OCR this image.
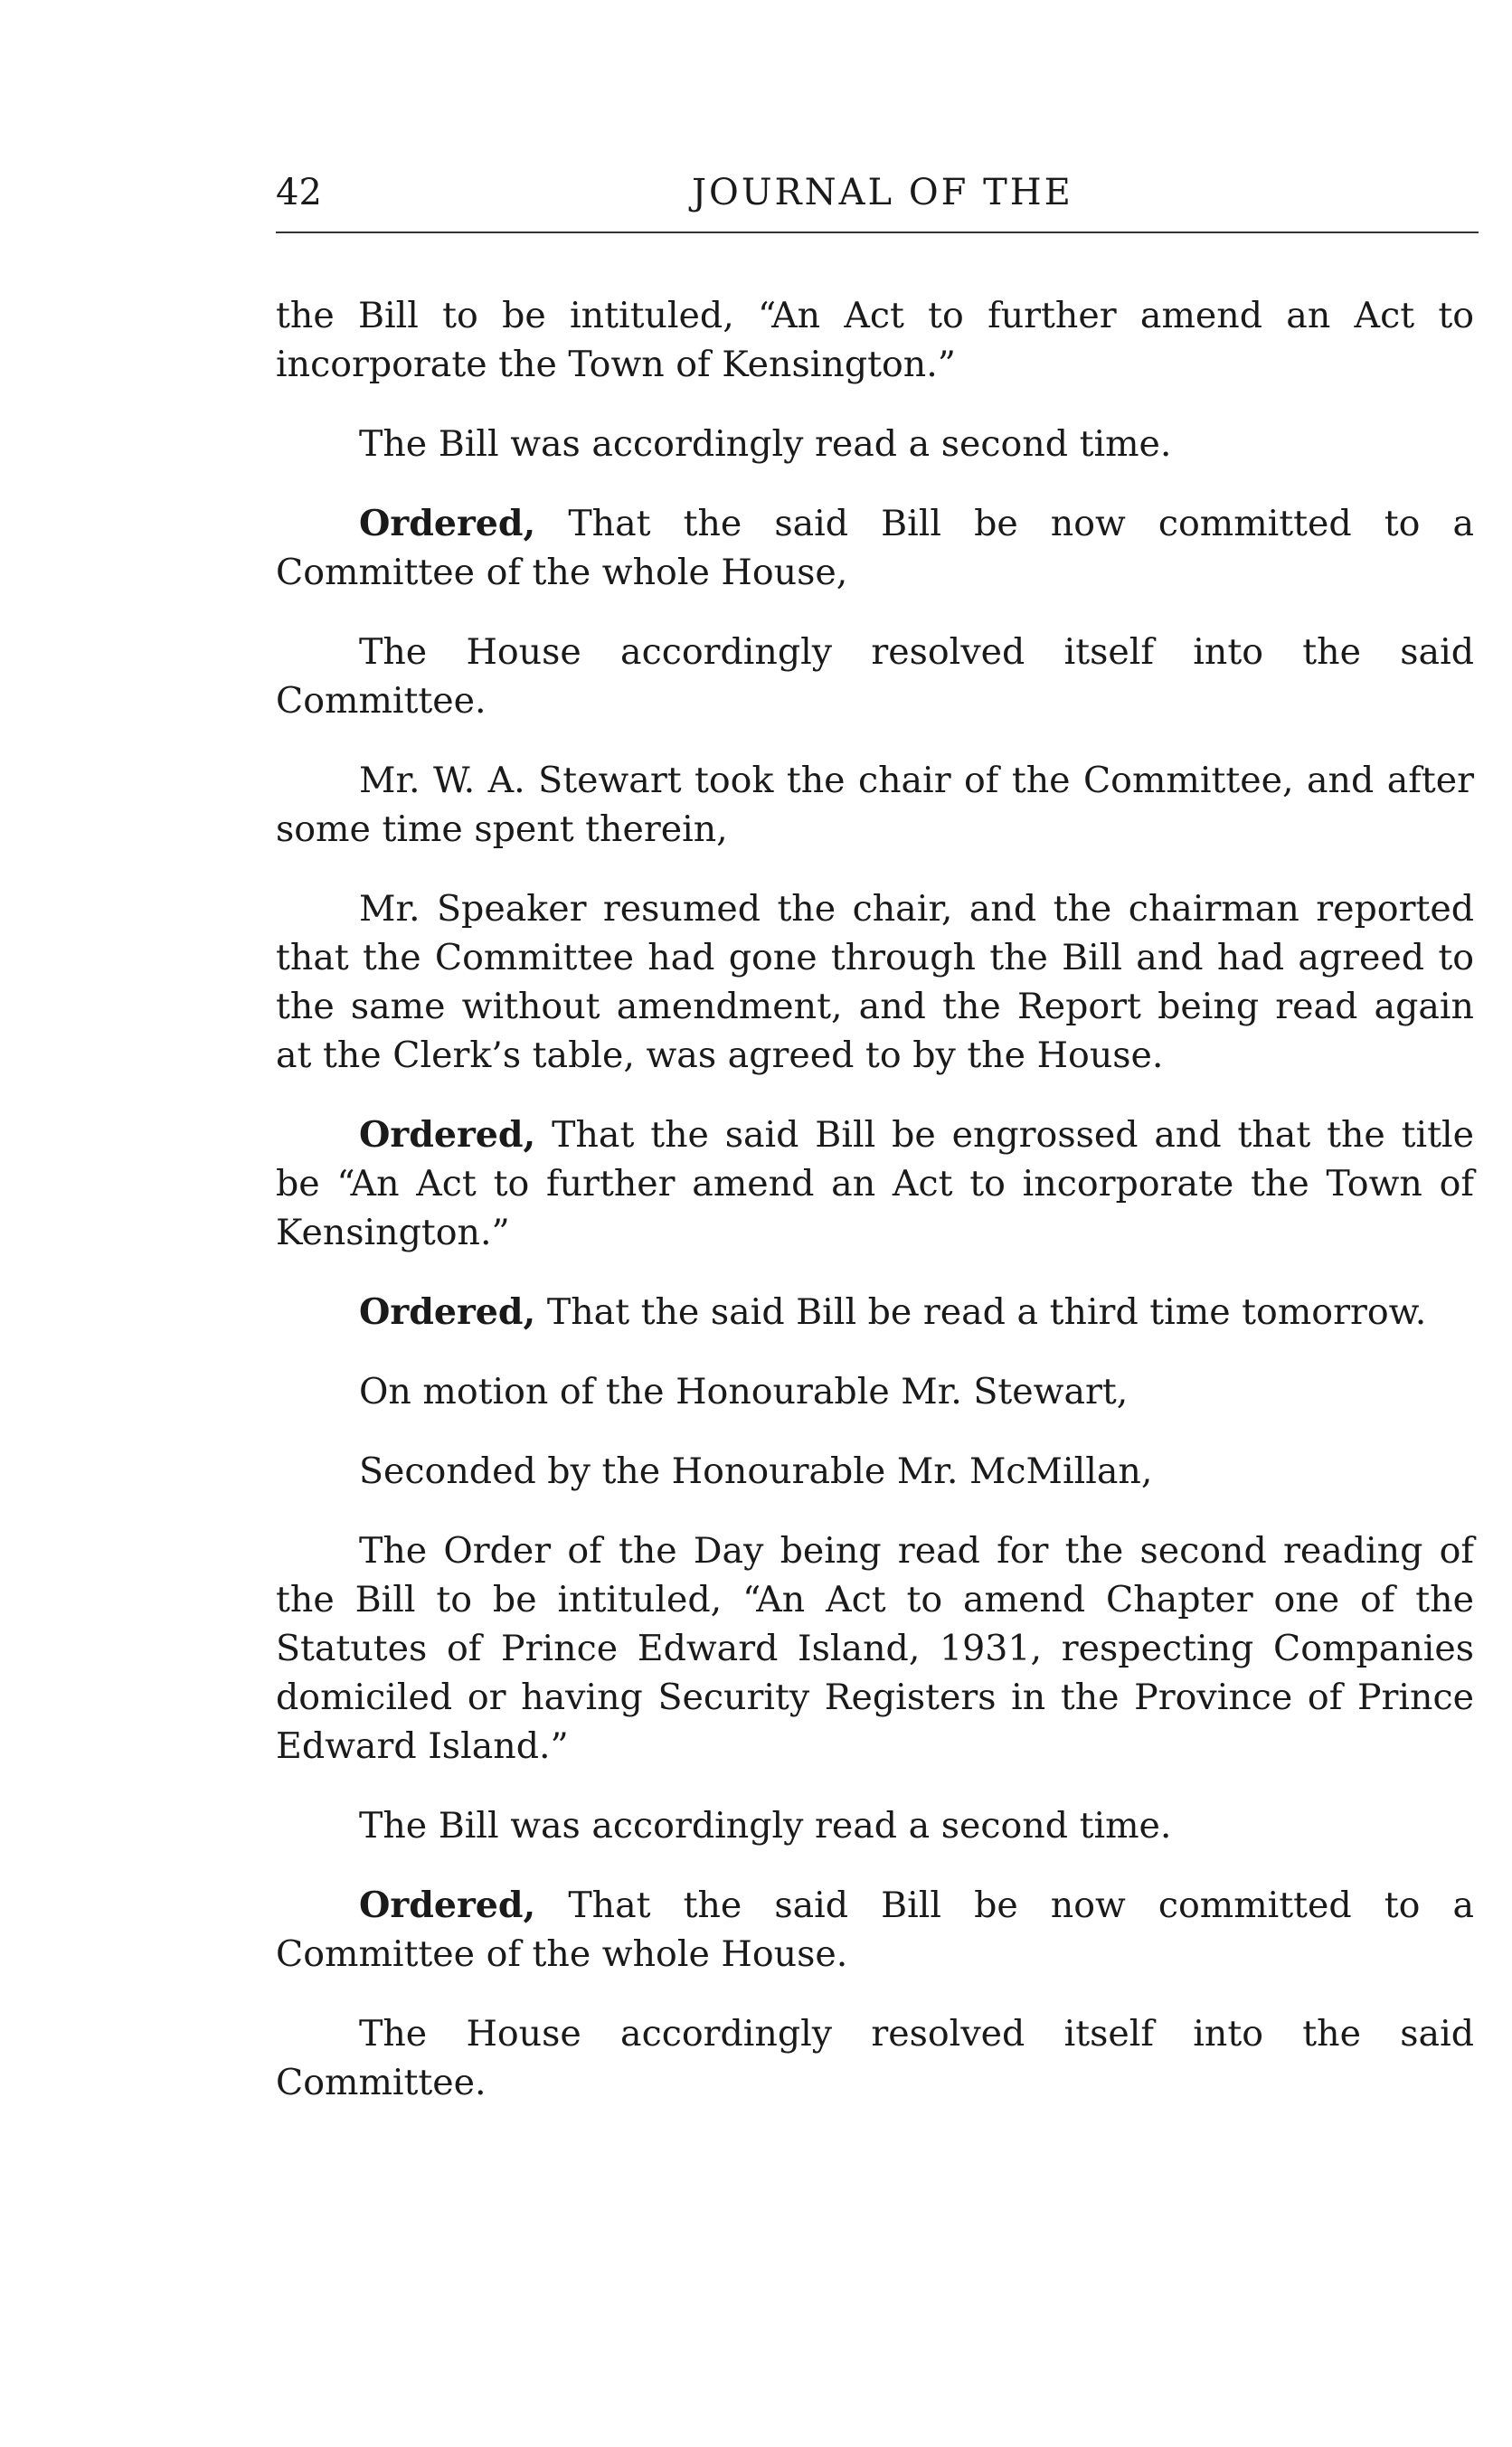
42	JOURNAL OF THE

the Bill to be intituled, “An Act to further amend an Act to incorporate the Town of Kensington.”

The Bill was accordingly read a second time.

Ordered, That the said Bill be now committed to a Committee of the whole House,

The House accordingly resolved itself into the said Committee.

Mr. W. A. Stewart took the chair of the Committee, and after some time spent therein,

Mr. Speaker resumed the chair, and the chairman reported that the Committee had gone through the Bill and had agreed to the same without amendment, and the Report being read again at the Clerk’s table, was agreed to by the House.

Ordered, That the said Bill be engrossed and that the title be “An Act to further amend an Act to incorporate the Town of Kensington.”

Ordered, That the said Bill be read a third time tomorrow.

On motion of the Honourable Mr. Stewart,

Seconded by the Honourable Mr. McMillan,

The Order of the Day being read for the second reading of the Bill to be intituled, “An Act to amend Chapter one of the Statutes of Prince Edward Island, 1931, respecting Companies domiciled or having Security Registers in the Province of Prince Edward Island.”

The Bill was accordingly read a second time.

Ordered, That the said Bill be now committed to a Committee of the whole House.

The House accordingly resolved itself into the said Committee.
